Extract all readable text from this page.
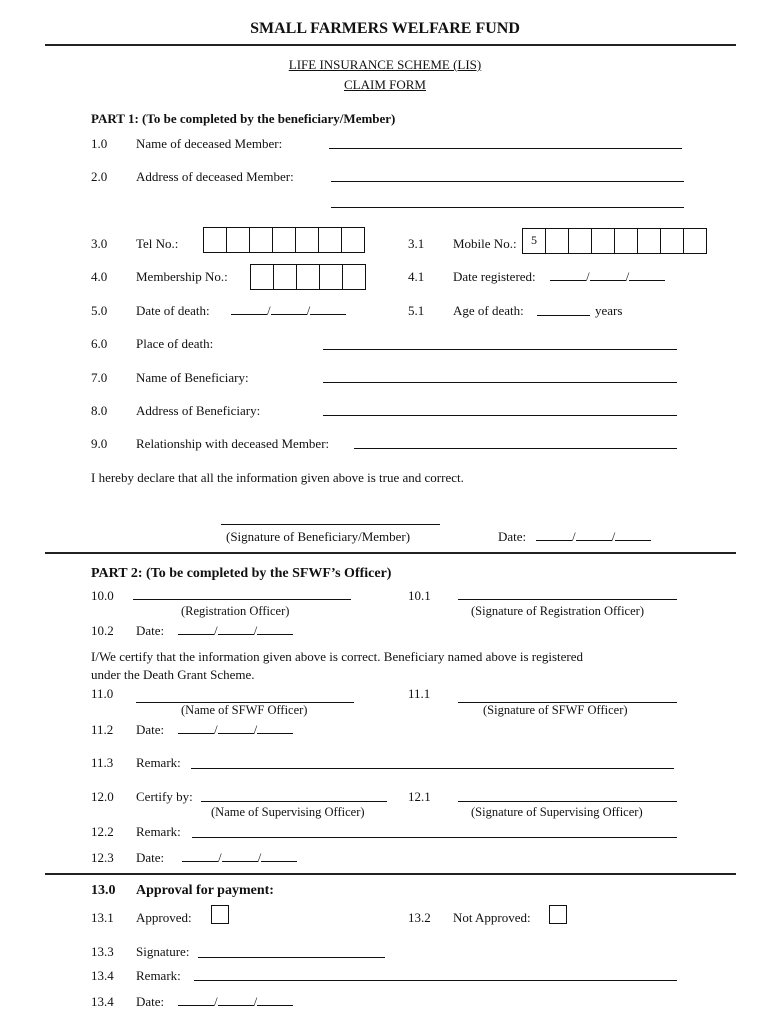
SMALL FARMERS WELFARE FUND
LIFE INSURANCE SCHEME (LIS)
CLAIM FORM
PART 1: (To be completed by the beneficiary/Member)
1.0 Name of deceased Member:
2.0 Address of deceased Member:
3.0 Tel No.:	3.1 Mobile No.:	5
4.0 Membership No.:	4.1 Date registered:	/	/
5.0 Date of death:	/	/	5.1 Age of death:	years
6.0 Place of death:
7.0 Name of Beneficiary:
8.0 Address of Beneficiary:
9.0 Relationship with deceased Member:
I hereby declare that all the information given above is true and correct.
(Signature of Beneficiary/Member)	Date:	/	/
PART 2: (To be completed by the SFWF’s Officer)
10.0	10.1
(Registration Officer)	(Signature of Registration Officer)
10.2 Date:	/	/
I/We certify that the information given above is correct. Beneficiary named above is registered
under the Death Grant Scheme.
11.0	11.1
(Name of SFWF Officer)	(Signature of SFWF Officer)
11.2 Date:	/	/
11.3 Remark:
12.0 Certify by:	12.1
(Name of Supervising Officer)	(Signature of Supervising Officer)
12.2 Remark:
12.3 Date:	/	/
13.0 Approval for payment:
13.1 Approved:	13.2 Not Approved:
13.3 Signature:
13.4 Remark:
13.4 Date:	/	/
